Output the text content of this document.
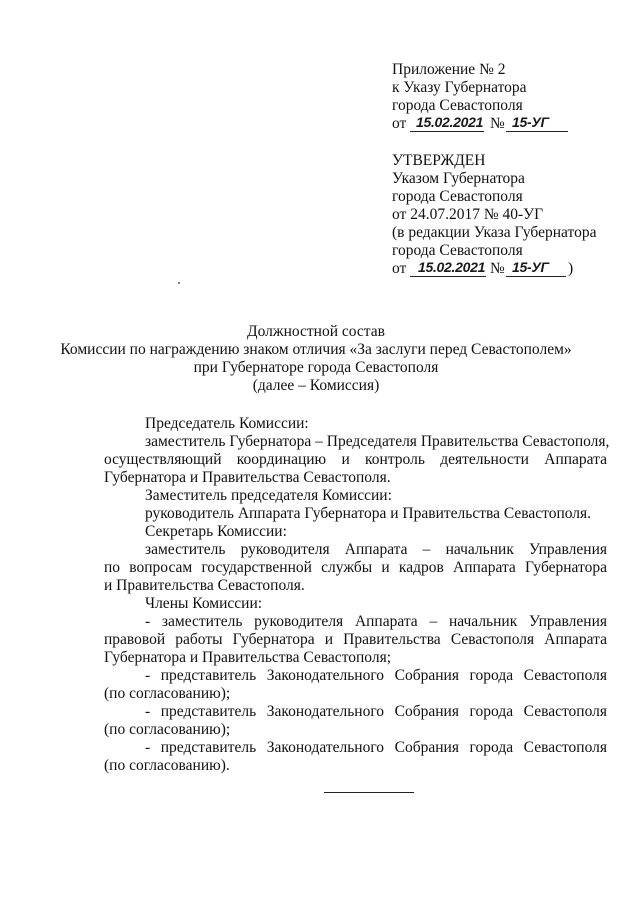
Приложение № 2
к Указу Губернатора
города Севастополя
от 15.02.2021 № 15-УГ
УТВЕРЖДЕН
Указом Губернатора
города Севастополя
от 24.07.2017 № 40-УГ
(в редакции Указа Губернатора
города Севастополя
от 15.02.2021 № 15-УГ )
Должностной состав
Комиссии по награждению знаком отличия «За заслуги перед Севастополем»
при Губернаторе города Севастополя
(далее – Комиссия)
Председатель Комиссии:
заместитель Губернатора – Председателя Правительства Севастополя,
осуществляющий координацию и контроль деятельности Аппарата
Губернатора и Правительства Севастополя.
Заместитель председателя Комиссии:
руководитель Аппарата Губернатора и Правительства Севастополя.
Секретарь Комиссии:
заместитель руководителя Аппарата – начальник Управления
по вопросам государственной службы и кадров Аппарата Губернатора
и Правительства Севастополя.
Члены Комиссии:
- заместитель руководителя Аппарата – начальник Управления
правовой работы Губернатора и Правительства Севастополя Аппарата
Губернатора и Правительства Севастополя;
- представитель Законодательного Собрания города Севастополя
(по согласованию);
- представитель Законодательного Собрания города Севастополя
(по согласованию);
- представитель Законодательного Собрания города Севастополя
(по согласованию).
